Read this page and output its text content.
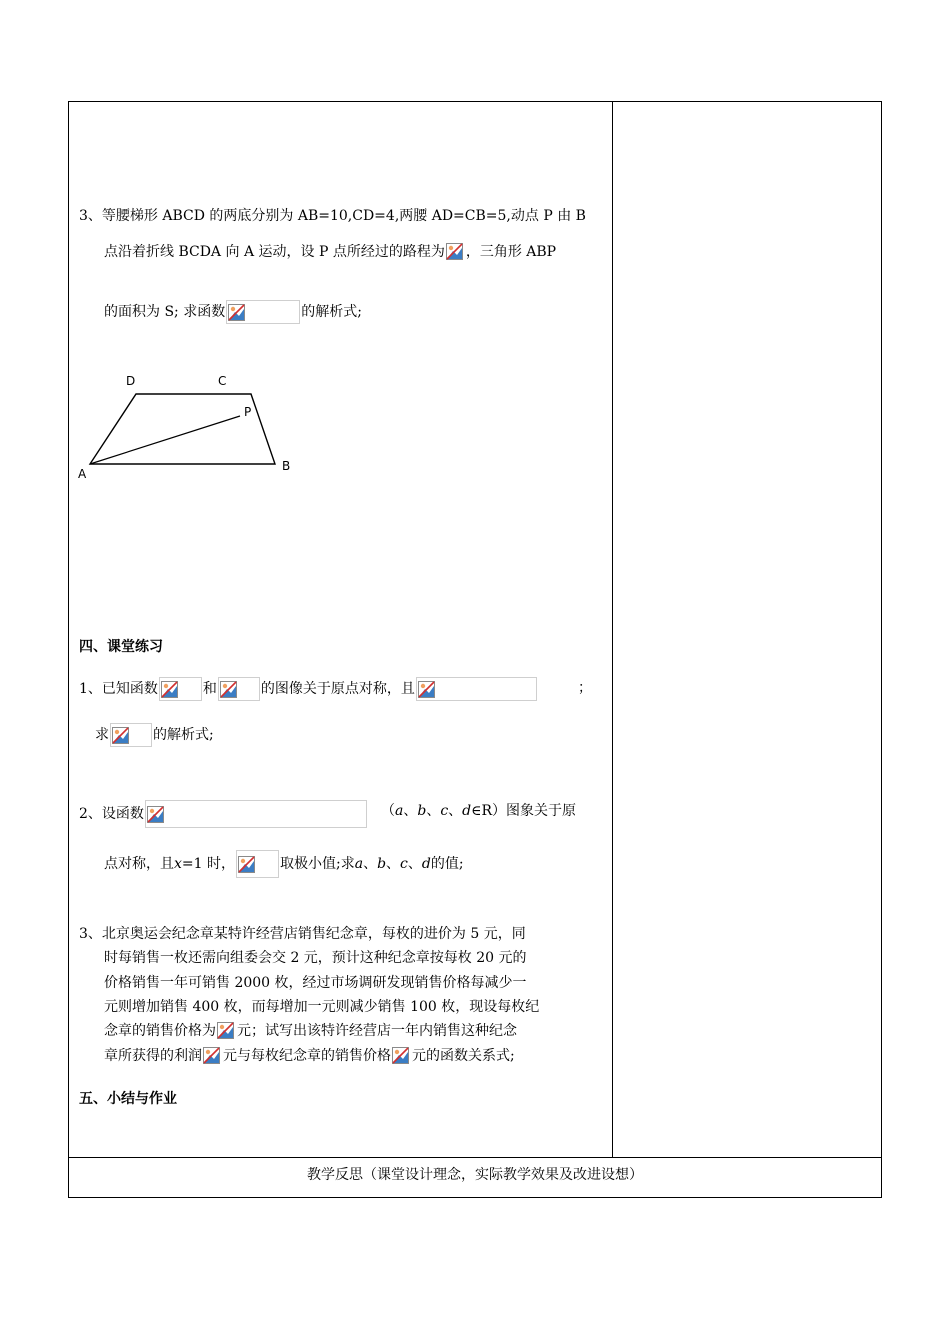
3、等腰梯形 ABCD 的两底分别为 AB=10,CD=4,两腰 AD=CB=5,动点 P 由 B
点沿着折线 BCDA 向 A 运动，设 P 点所经过的路程为 ，三角形 ABP
的面积为 S; 求函数	的解析式;
D	C
P
A
B
四、课堂练习
1、已知函数	和	的图像关于原点对称，且	；
求	的解析式;
2、设函数	（a、b、c、d∈R）图象关于原
点对称，且x=1 时，	取极小值;求a、b、c、d的值;
3、北京奥运会纪念章某特许经营店销售纪念章，每枚的进价为 5 元，同
时每销售一枚还需向组委会交 2 元，预计这种纪念章按每枚 20 元的
价格销售一年可销售 2000 枚，经过市场调研发现销售价格每减少一
元则增加销售 400 枚，而每增加一元则减少销售 100 枚，现设每枚纪
念章的销售价格为 元；试写出该特许经营店一年内销售这种纪念
章所获得的利润 元与每枚纪念章的销售价格 元的函数关系式;
五、小结与作业
教学反思（课堂设计理念，实际教学效果及改进设想）
